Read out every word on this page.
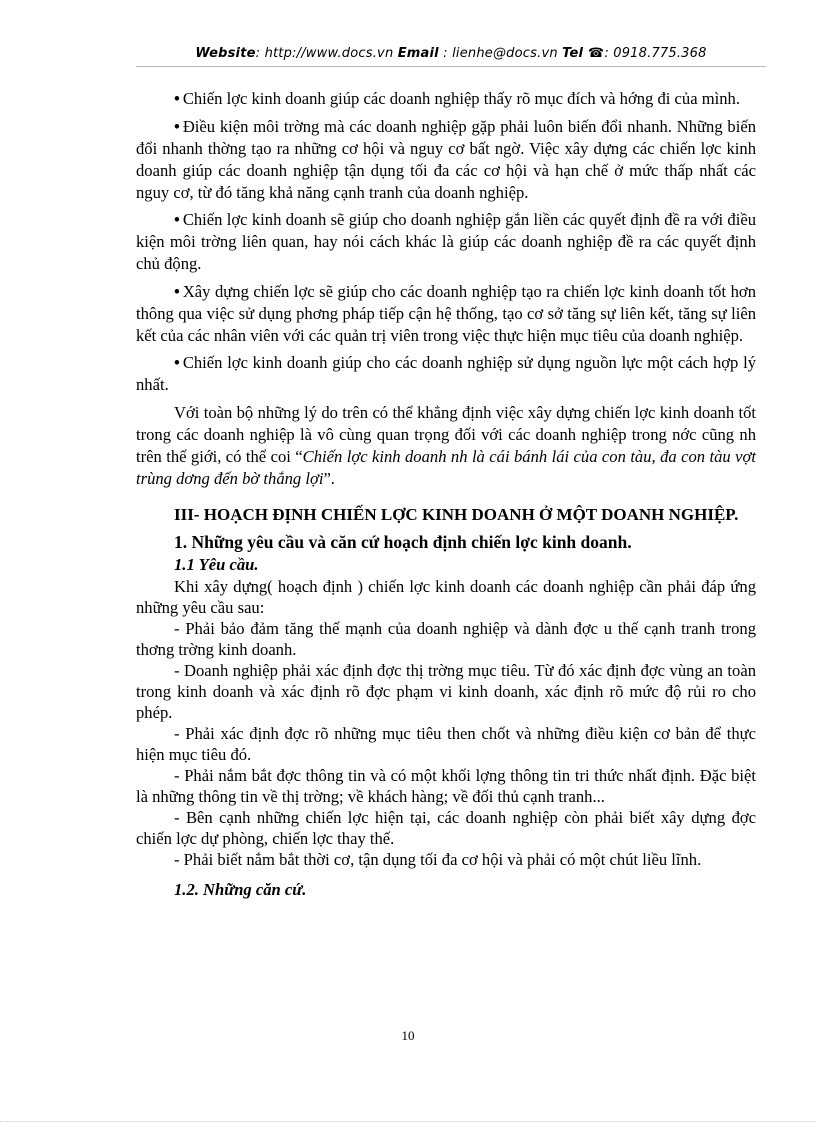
Website: http://www.docs.vn Email : lienhe@docs.vn Tel ☎: 0918.775.368

• Chiến lợc kinh doanh giúp các doanh nghiệp thấy rõ mục đích và hớng đi của mình.

• Điều kiện môi trờng mà các doanh nghiệp gặp phải luôn biến đổi nhanh. Những biến đổi nhanh thờng tạo ra những cơ hội và nguy cơ bất ngờ. Việc xây dựng các chiến lợc kinh doanh giúp các doanh nghiệp tận dụng tối đa các cơ hội và hạn chế ở mức thấp nhất các nguy cơ, từ đó tăng khả năng cạnh tranh của doanh nghiệp.

• Chiến lợc kinh doanh sẽ giúp cho doanh nghiệp gắn liền các quyết định đề ra với điều kiện môi trờng liên quan, hay nói cách khác là giúp các doanh nghiệp đề ra các quyết định chủ động.

• Xây dựng chiến lợc sẽ giúp cho các doanh nghiệp tạo ra chiến lợc kinh doanh tốt hơn thông qua việc sử dụng phơng pháp tiếp cận hệ thống, tạo cơ sở tăng sự liên kết, tăng sự liên kết của các nhân viên với các quản trị viên trong việc thực hiện mục tiêu của doanh nghiệp.

• Chiến lợc kinh doanh giúp cho các doanh nghiệp sử dụng nguồn lực một cách hợp lý nhất.

Với toàn bộ những lý do trên có thể khẳng định việc xây dựng chiến lợc kinh doanh tốt trong các doanh nghiệp là vô cùng quan trọng đối với các doanh nghiệp trong nớc cũng nh trên thế giới, có thể coi “Chiến lợc kinh doanh nh là cái bánh lái của con tàu, đa con tàu vợt trùng dơng đến bờ thắng lợi”.

III- HOẠCH ĐỊNH CHIẾN LỢC KINH DOANH Ở MỘT DOANH NGHIỆP.
1. Những yêu cầu và căn cứ hoạch định chiến lợc kinh doanh.
1.1 Yêu cầu.

Khi xây dựng( hoạch định ) chiến lợc kinh doanh các doanh nghiệp cần phải đáp ứng những yêu cầu sau:

- Phải bảo đảm tăng thế mạnh của doanh nghiệp và dành đợc u thế cạnh tranh trong thơng trờng kinh doanh.

- Doanh nghiệp phải xác định đợc thị trờng mục tiêu. Từ đó xác định đợc vùng an toàn trong kinh doanh và xác định rõ đợc phạm vi kinh doanh, xác định rõ mức độ rủi ro cho phép.

- Phải xác định đợc rõ những mục tiêu then chốt và những điều kiện cơ bản để thực hiện mục tiêu đó.

- Phải nắm bắt đợc thông tin và có một khối lợng thông tin tri thức nhất định. Đặc biệt là những thông tin về thị trờng; về khách hàng; về đối thủ cạnh tranh...

- Bên cạnh những chiến lợc hiện tại, các doanh nghiệp còn phải biết xây dựng đợc chiến lợc dự phòng, chiến lợc thay thế.

- Phải biết nắm bắt thời cơ, tận dụng tối đa cơ hội và phải có một chút liều lĩnh.

1.2. Những căn cứ.
10
